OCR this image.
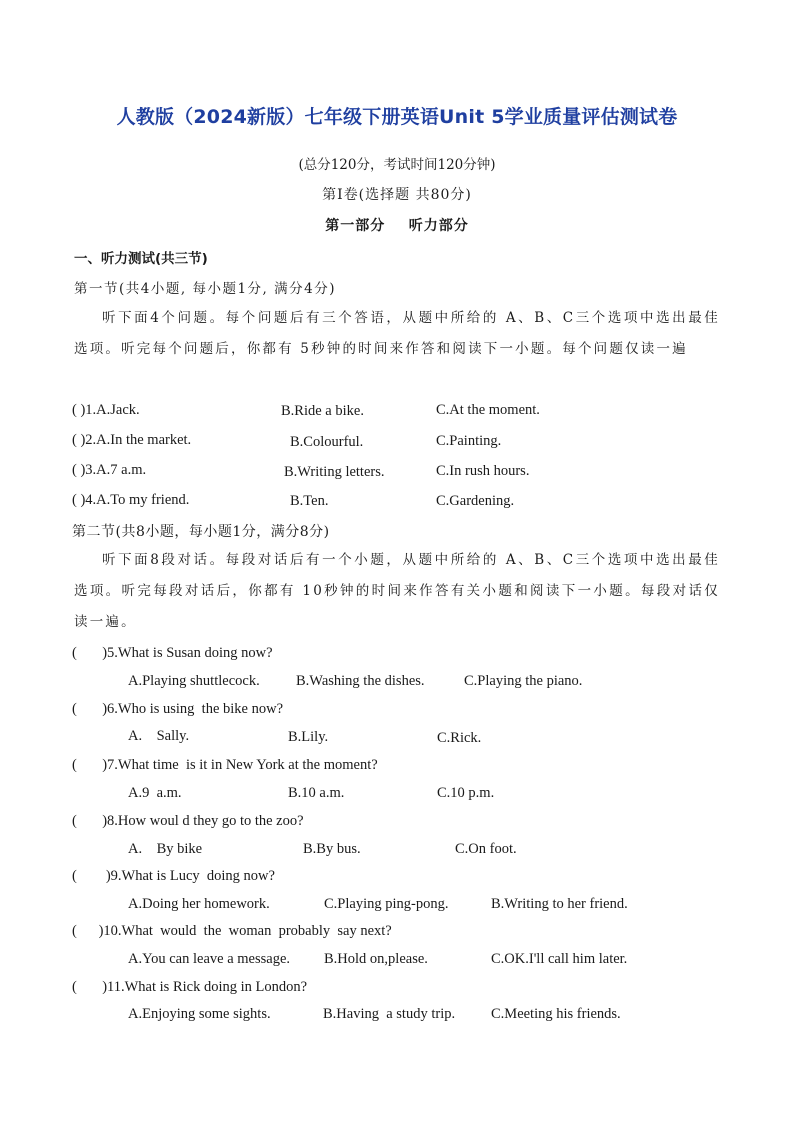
人教版（2024新版）七年级下册英语Unit 5学业质量评估测试卷
(总分120分，考试时间120分钟)
第Ⅰ卷(选择题 共80分)
第一部分    听力部分
一、听力测试(共三节)
第一节(共4小题, 每小题1分, 满分4分)
听下面4个问题。每个问题后有三个答语，从题中所给的 A、B、C三个选项中选出最佳选项。听完每个问题后，你都有 5秒钟的时间来作答和阅读下一小题。每个问题仅读一遍
( )1.A.Jack.	B.Ride a bike.	C.At the moment.
( )2.A.In the market.	B.Colourful.	C.Painting.
( )3.A.7 a.m.	B.Writing letters.	C.In rush hours.
( )4.A.To my friend.	B.Ten.	C.Gardening.
第二节(共8小题，每小题1分，满分8分)
听下面8段对话。每段对话后有一个小题，从题中所给的 A、B、C三个选项中选出最佳选项。听完每段对话后，你都有 10秒钟的时间来作答有关小题和阅读下一小题。每段对话仅 读一遍。
(       )5.What is Susan doing now?
A.Playing shuttlecock.	B.Washing the dishes.	C.Playing the piano.
(       )6.Who is using  the bike now?
A.    Sally.	B.Lily.	C.Rick.
(       )7.What time  is it in New York at the moment?
A.9  a.m.	B.10 a.m.	C.10 p.m.
(       )8.How woul d they go to the zoo?
A.    By bike	B.By bus.	C.On foot.
(        )9.What is Lucy  doing now?
A.Doing her homework.	C.Playing ping-pong.	B.Writing to her friend.
(      )10.What  would  the  woman  probably  say next?
A.You can leave a message. B.Hold on,please.	C.OK.I'll call him later.
(       )11.What is Rick doing in London?
A.Enjoying some sights.	B.Having  a study trip. C.Meeting his friends.
